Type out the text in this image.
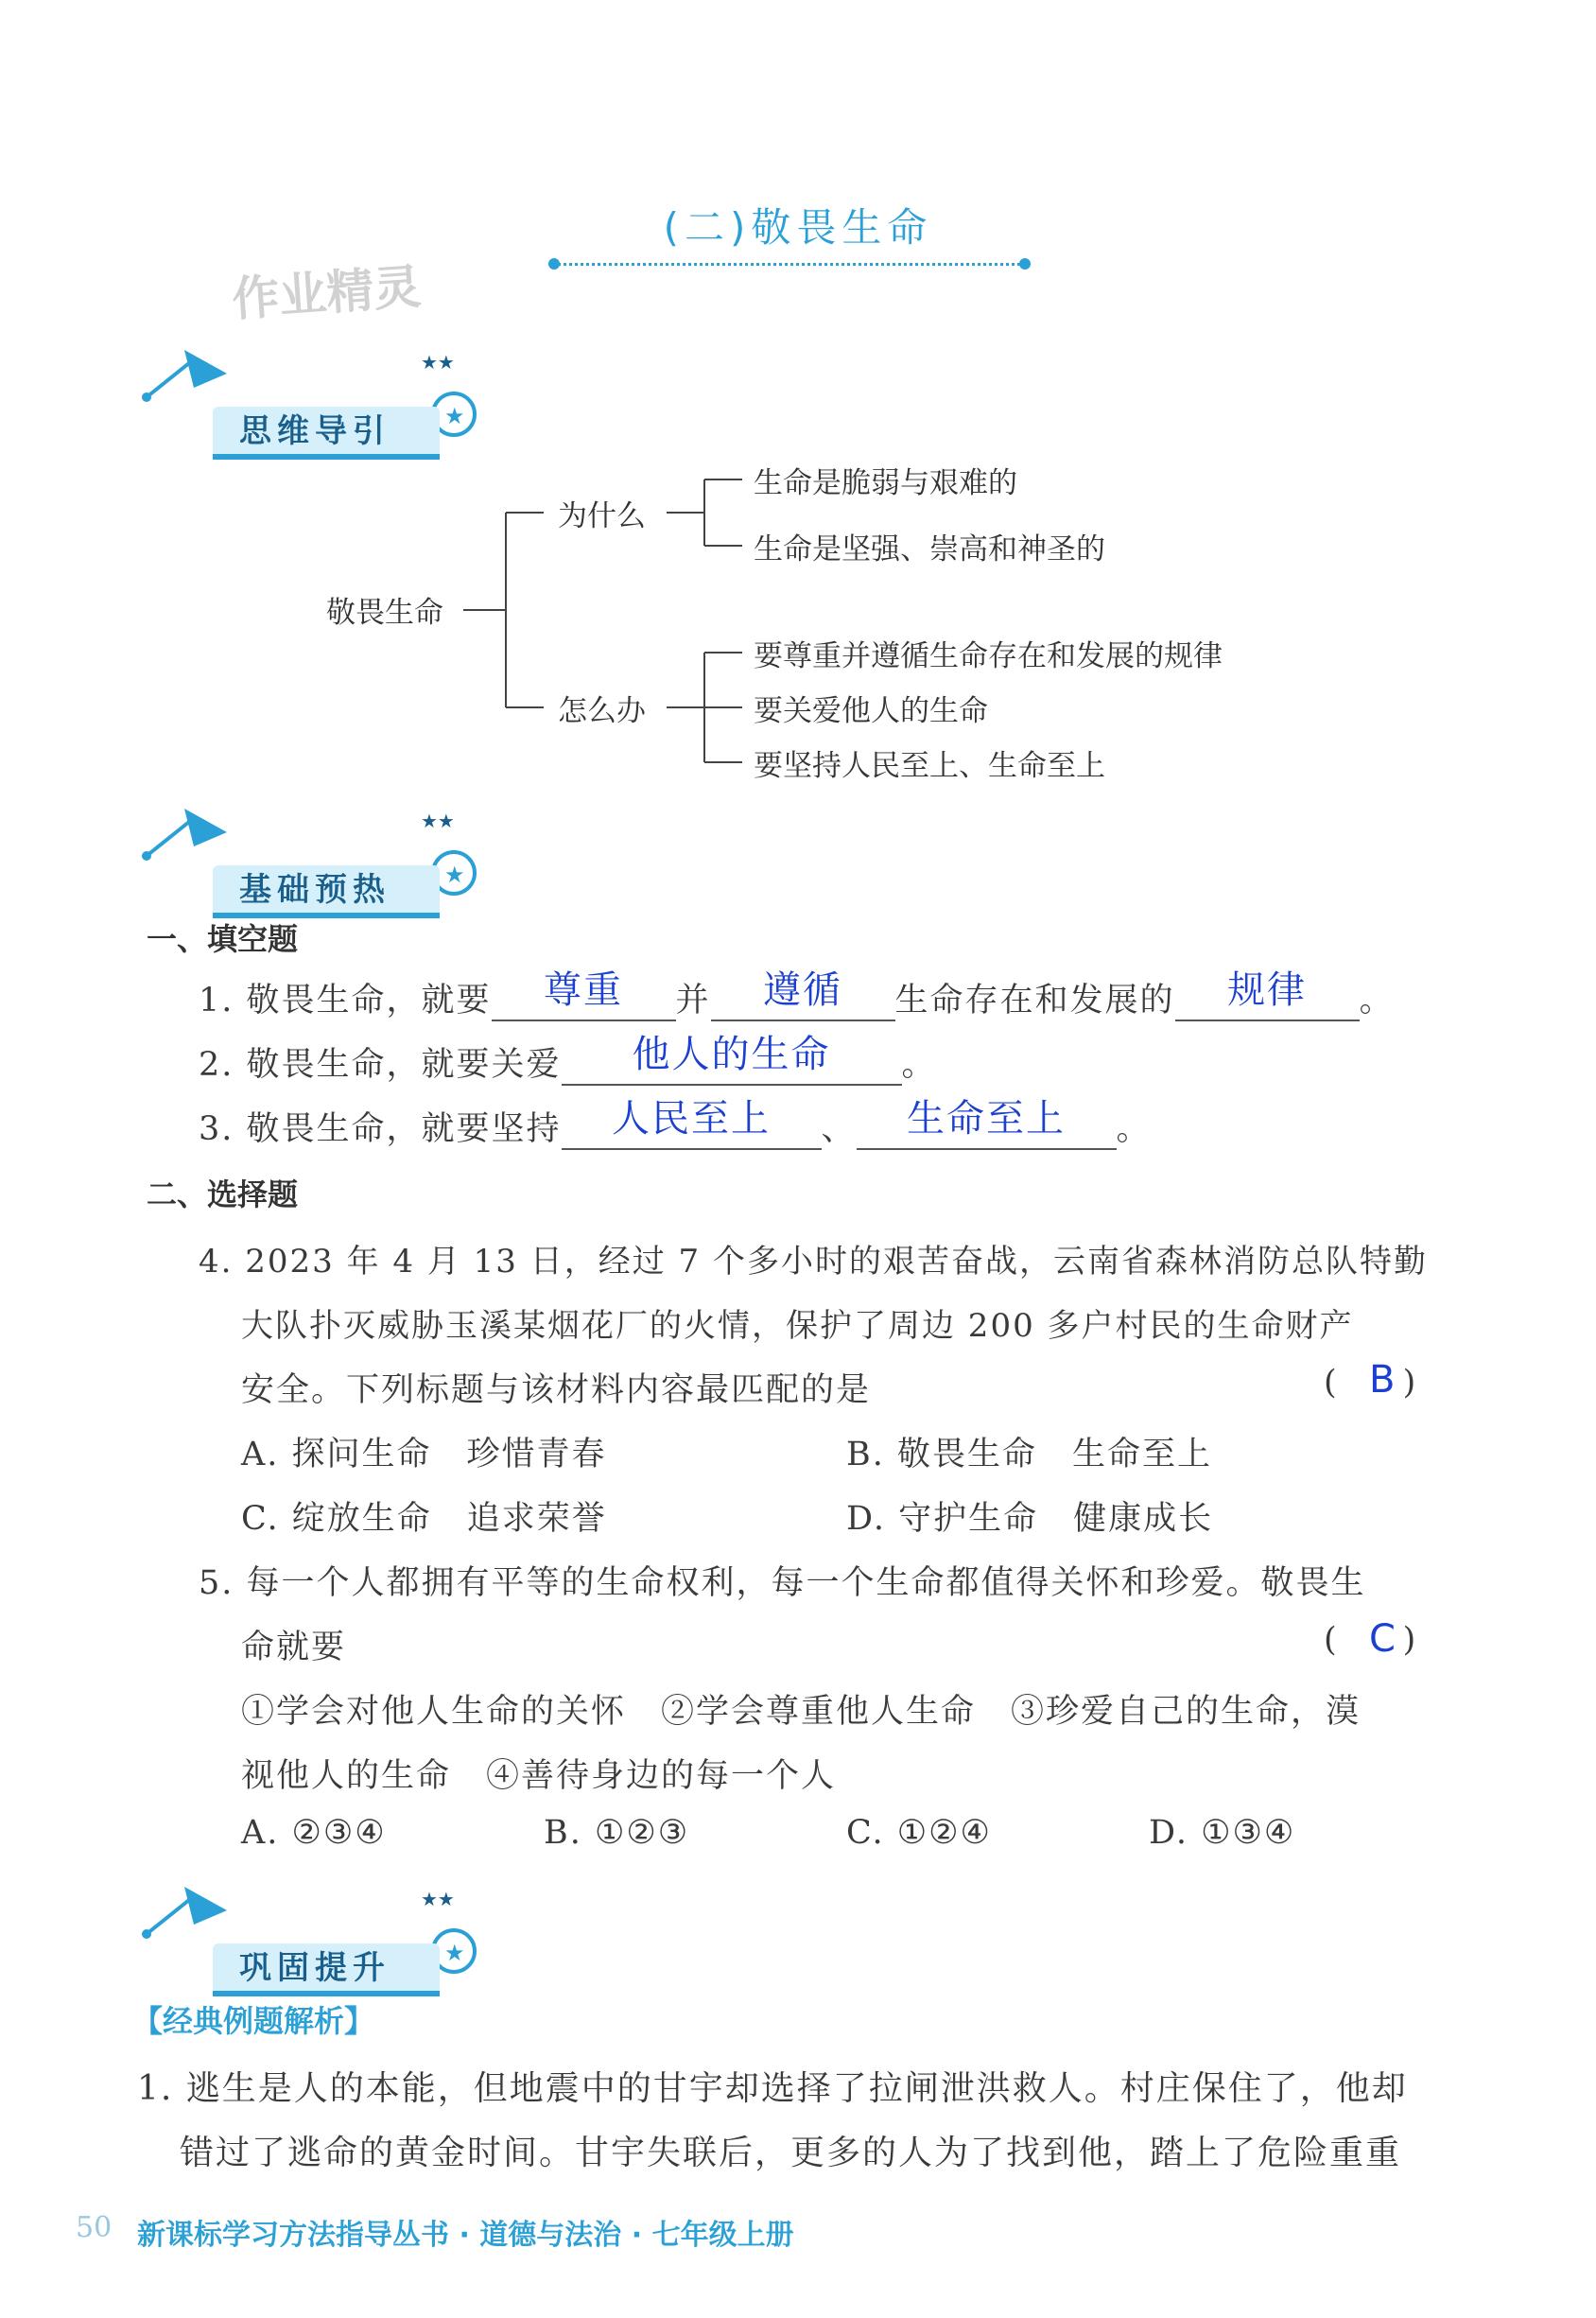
(二)敬畏生命
作业精灵
★★
★
思维导引
敬畏生命
为什么
生命是脆弱与艰难的
生命是坚强、崇高和神圣的
怎么办
要尊重并遵循生命存在和发展的规律
要关爱他人的生命
要坚持人民至上、生命至上
★★
★
基础预热
一、填空题
1. 敬畏生命，就要	尊重	并	遵循	生命存在和发展的	规律	。
2. 敬畏生命，就要关爱	他人的生命	。
3. 敬畏生命，就要坚持	人民至上	、	生命至上	。
二、选择题
4. 2023 年 4 月 13 日，经过 7 个多小时的艰苦奋战，云南省森林消防总队特勤
大队扑灭威胁玉溪某烟花厂的火情，保护了周边 200 多户村民的生命财产
安全。下列标题与该材料内容最匹配的是	( )
B
A. 探问生命　珍惜青春	B. 敬畏生命　生命至上
C. 绽放生命　追求荣誉	D. 守护生命　健康成长
5. 每一个人都拥有平等的生命权利，每一个生命都值得关怀和珍爱。敬畏生
命就要	( )
C
①学会对他人生命的关怀　②学会尊重他人生命　③珍爱自己的生命，漠
视他人的生命　④善待身边的每一个人
A. ②③④	B. ①②③	C. ①②④	D. ①③④
★★
★
巩固提升
【经典例题解析】
1. 逃生是人的本能，但地震中的甘宇却选择了拉闸泄洪救人。村庄保住了，他却
错过了逃命的黄金时间。甘宇失联后，更多的人为了找到他，踏上了危险重重
50 新课标学习方法指导丛书 · 道德与法治 · 七年级上册
